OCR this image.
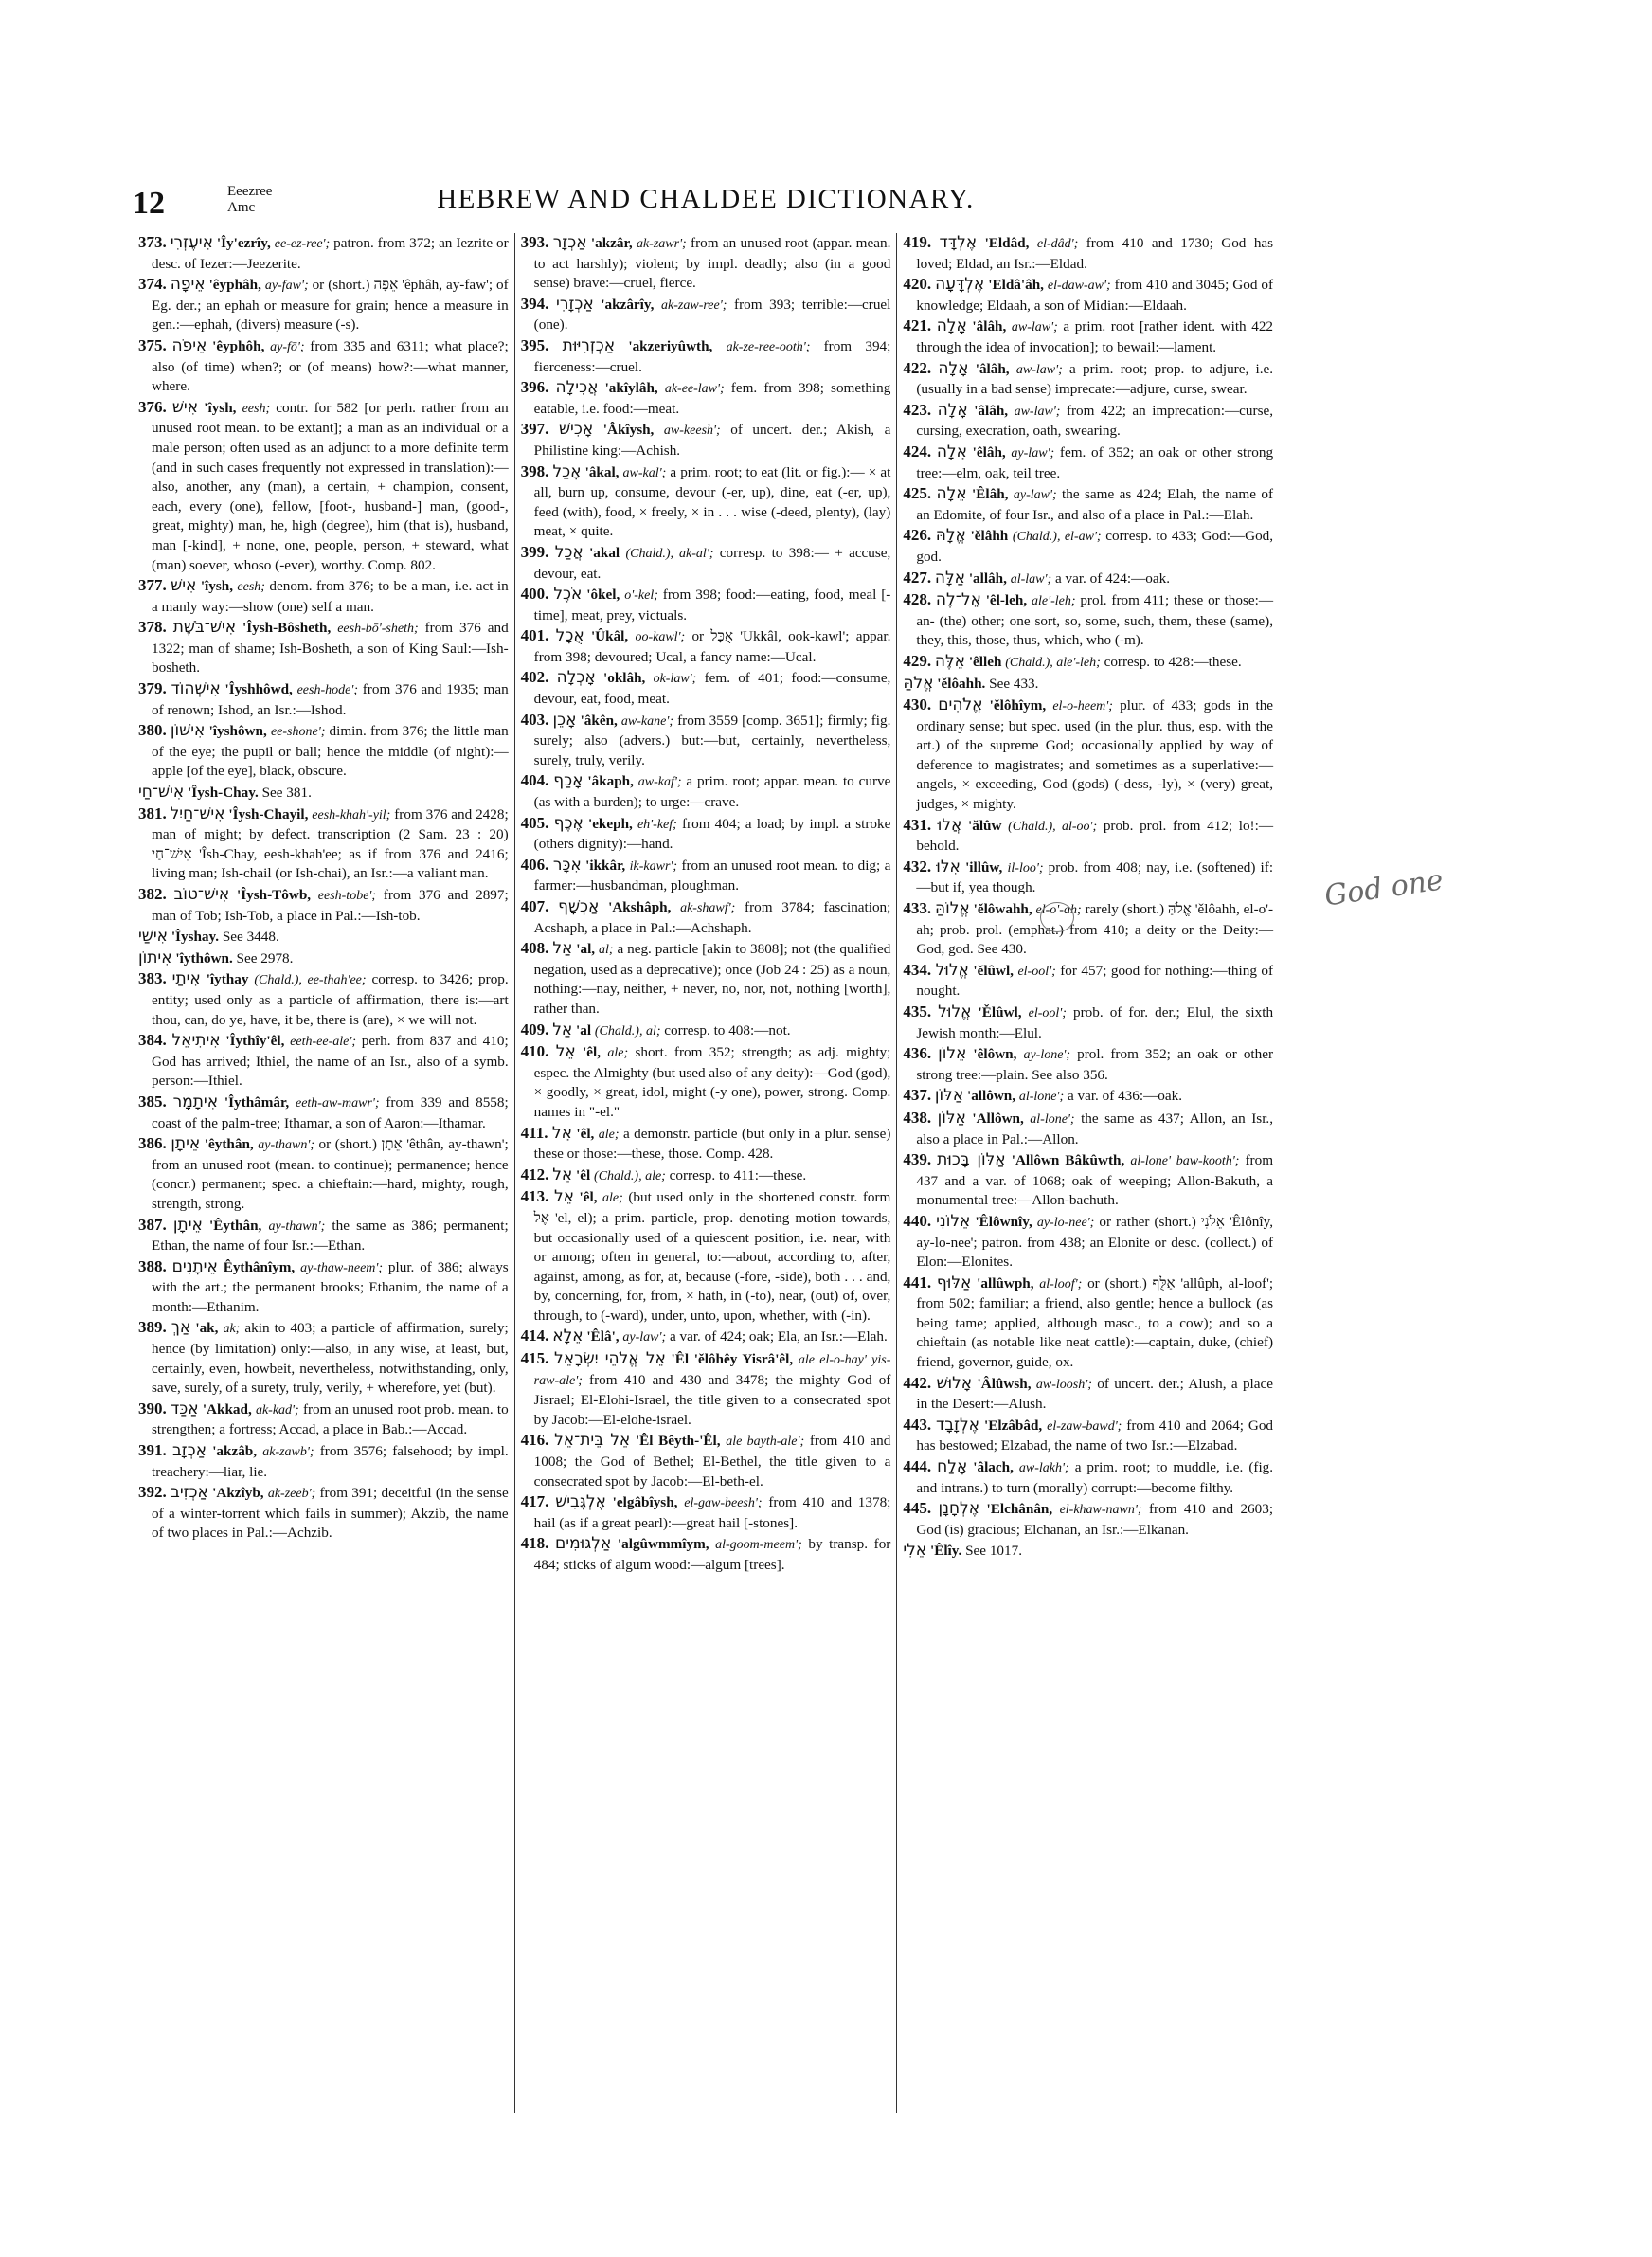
12	Eeezree
Amc	HEBREW AND CHALDEE DICTIONARY.

373. אִיעֶזְרִי 'Îy'ezrîy, ee-ez-ree'; patron. from 372; an Iezrite or desc. of Iezer:—Jeezerite.

374. אֵיפָה 'êyphâh, ay-faw'; or (short.) אֵפָה 'êphâh, ay-faw'; of Eg. der.; an ephah or measure for grain; hence a measure in gen.:—ephah, (divers) measure (-s).

375. אֵיפֹה 'êyphôh, ay-fō'; from 335 and 6311; what place?; also (of time) when?; or (of means) how?:—what manner, where.

376. אִישׁ 'îysh, eesh; contr. for 582 [or perh. rather from an unused root mean. to be extant]; a man as an individual or a male person; often used as an adjunct to a more definite term (and in such cases frequently not expressed in translation):—also, another, any (man), a certain, + champion, consent, each, every (one), fellow, [foot-, husband-] man, (good-, great, mighty) man, he, high (degree), him (that is), husband, man [-kind], + none, one, people, person, + steward, what (man) soever, whoso (-ever), worthy. Comp. 802.

377. אִישׁ 'îysh, eesh; denom. from 376; to be a man, i.e. act in a manly way:—show (one) self a man.

378. אִישׁ־בֹּשֶׁת 'Îysh-Bôsheth, eesh-bō'-sheth; from 376 and 1322; man of shame; Ish-Bosheth, a son of King Saul:—Ish-bosheth.

379. אִישְׁהוֹד 'Îyshhôwd, eesh-hode'; from 376 and 1935; man of renown; Ishod, an Isr.:—Ishod.

380. אִישׁוֹן 'îyshôwn, ee-shone'; dimin. from 376; the little man of the eye; the pupil or ball; hence the middle (of night):—apple [of the eye], black, obscure.

אִישׁ־חַי 'Îysh-Chay. See 381.

381. אִישׁ־חַיִל 'Îysh-Chayil, eesh-khah'-yil; from 376 and 2428; man of might; by defect. transcription (2 Sam. 23 : 20) אִישׁ־חַי 'Îsh-Chay, eesh-khah'ee; as if from 376 and 2416; living man; Ish-chail (or Ish-chai), an Isr.:—a valiant man.

382. אִישׁ־טוֹב 'Îysh-Tôwb, eesh-tobe'; from 376 and 2897; man of Tob; Ish-Tob, a place in Pal.:—Ish-tob.

אִישַׁי 'Îyshay. See 3448.

אִיתוֹן 'îythôwn. See 2978.

383. אִיתַי 'îythay (Chald.), ee-thah'ee; corresp. to 3426; prop. entity; used only as a particle of affirmation, there is:—art thou, can, do ye, have, it be, there is (are), × we will not.

384. אִיתִיאֵל 'Îythîy'êl, eeth-ee-ale'; perh. from 837 and 410; God has arrived; Ithiel, the name of an Isr., also of a symb. person:—Ithiel.

385. אִיתָמָר 'Îythâmâr, eeth-aw-mawr'; from 339 and 8558; coast of the palm-tree; Ithamar, a son of Aaron:—Ithamar.

386. אֵיתָן 'êythân, ay-thawn'; or (short.) אֵתָן 'êthân, ay-thawn'; from an unused root (mean. to continue); permanence; hence (concr.) permanent; spec. a chieftain:—hard, mighty, rough, strength, strong.

387. אֵיתָן 'Êythân, ay-thawn'; the same as 386; permanent; Ethan, the name of four Isr.:—Ethan.

388. אֵיתָנִים Êythânîym, ay-thaw-neem'; plur. of 386; always with the art.; the permanent brooks; Ethanim, the name of a month:—Ethanim.

389. אַךְ 'ak, ak; akin to 403; a particle of affirmation, surely; hence (by limitation) only:—also, in any wise, at least, but, certainly, even, howbeit, nevertheless, notwithstanding, only, save, surely, of a surety, truly, verily, + wherefore, yet (but).

390. אַכַּד 'Akkad, ak-kad'; from an unused root prob. mean. to strengthen; a fortress; Accad, a place in Bab.:—Accad.

391. אַכְזָב 'akzâb, ak-zawb'; from 3576; falsehood; by impl. treachery:—liar, lie.

392. אַכְזִיב 'Akzîyb, ak-zeeb'; from 391; deceitful (in the sense of a winter-torrent which fails in summer); Akzib, the name of two places in Pal.:—Achzib.

393. אַכְזָר 'akzâr, ak-zawr'; from an unused root (appar. mean. to act harshly); violent; by impl. deadly; also (in a good sense) brave:—cruel, fierce.

394. אַכְזָרִי 'akzârîy, ak-zaw-ree'; from 393; terrible:—cruel (one).

395. אַכְזְרִיּוּת 'akzeriyûwth, ak-ze-ree-ooth'; from 394; fierceness:—cruel.

396. אֲכִילָה 'akîylâh, ak-ee-law'; fem. from 398; something eatable, i.e. food:—meat.

397. אָכִישׁ 'Âkîysh, aw-keesh'; of uncert. der.; Akish, a Philistine king:—Achish.

398. אָכַל 'âkal, aw-kal'; a prim. root; to eat (lit. or fig.):— × at all, burn up, consume, devour (-er, up), dine, eat (-er, up), feed (with), food, × freely, × in . . . wise (-deed, plenty), (lay) meat, × quite.

399. אֲכַל 'akal (Chald.), ak-al'; corresp. to 398:— + accuse, devour, eat.

400. אֹכֶל 'ôkel, o'-kel; from 398; food:—eating, food, meal [-time], meat, prey, victuals.

401. אֻכָל 'Ûkâl, oo-kawl'; or אֻכָּל 'Ukkâl, ook-kawl'; appar. from 398; devoured; Ucal, a fancy name:—Ucal.

402. אָכְלָה 'oklâh, ok-law'; fem. of 401; food:—consume, devour, eat, food, meat.

403. אָכֵן 'âkên, aw-kane'; from 3559 [comp. 3651]; firmly; fig. surely; also (advers.) but:—but, certainly, nevertheless, surely, truly, verily.

404. אָכַף 'âkaph, aw-kaf'; a prim. root; appar. mean. to curve (as with a burden); to urge:—crave.

405. אֶכֶף 'ekeph, eh'-kef; from 404; a load; by impl. a stroke (others dignity):—hand.

406. אִכָּר 'ikkâr, ik-kawr'; from an unused root mean. to dig; a farmer:—husbandman, ploughman.

407. אַכְשָׁף 'Akshâph, ak-shawf'; from 3784; fascination; Acshaph, a place in Pal.:—Achshaph.

408. אַל 'al, al; a neg. particle [akin to 3808]; not (the qualified negation, used as a deprecative); once (Job 24 : 25) as a noun, nothing:—nay, neither, + never, no, nor, not, nothing [worth], rather than.

409. אַל 'al (Chald.), al; corresp. to 408:—not.

410. אֵל 'êl, ale; short. from 352; strength; as adj. mighty; espec. the Almighty (but used also of any deity):—God (god), × goodly, × great, idol, might (-y one), power, strong. Comp. names in "-el."

411. אֵל 'êl, ale; a demonstr. particle (but only in a plur. sense) these or those:—these, those. Comp. 428.

412. אֵל 'êl (Chald.), ale; corresp. to 411:—these.

413. אֵל 'êl, ale; (but used only in the shortened constr. form אֶל 'el, el); a prim. particle, prop. denoting motion towards, but occasionally used of a quiescent position, i.e. near, with or among; often in general, to:—about, according to, after, against, among, as for, at, because (-fore, -side), both . . . and, by, concerning, for, from, × hath, in (-to), near, (out) of, over, through, to (-ward), under, unto, upon, whether, with (-in).

414. אֵלָא 'Êlâ', ay-law'; a var. of 424; oak; Ela, an Isr.:—Elah.

415. אֵל אֱלֹהֵי יִשְׂרָאֵל 'Êl 'ělôhêy Yisrâ'êl, ale el-o-hay' yis-raw-ale'; from 410 and 430 and 3478; the mighty God of Jisrael; El-Elohi-Israel, the title given to a consecrated spot by Jacob:—El-elohe-israel.

416. אֵל בֵּית־אֵל 'Êl Bêyth-'Êl, ale bayth-ale'; from 410 and 1008; the God of Bethel; El-Bethel, the title given to a consecrated spot by Jacob:—El-beth-el.

417. אֶלְגָּבִישׁ 'elgâbîysh, el-gaw-beesh'; from 410 and 1378; hail (as if a great pearl):—great hail [-stones].

418. אַלְגּוּמִּים 'algûwmmîym, al-goom-meem'; by transp. for 484; sticks of algum wood:—algum [trees].

419. אֶלְדָּד 'Eldâd, el-dâd'; from 410 and 1730; God has loved; Eldad, an Isr.:—Eldad.

420. אֶלְדָּעָה 'Eldâ'âh, el-daw-aw'; from 410 and 3045; God of knowledge; Eldaah, a son of Midian:—Eldaah.

421. אָלָה 'âlâh, aw-law'; a prim. root [rather ident. with 422 through the idea of invocation]; to bewail:—lament.

422. אָלָה 'âlâh, aw-law'; a prim. root; prop. to adjure, i.e. (usually in a bad sense) imprecate:—adjure, curse, swear.

423. אָלָה 'âlâh, aw-law'; from 422; an imprecation:—curse, cursing, execration, oath, swearing.

424. אֵלָה 'êlâh, ay-law'; fem. of 352; an oak or other strong tree:—elm, oak, teil tree.

425. אֵלָה 'Êlâh, ay-law'; the same as 424; Elah, the name of an Edomite, of four Isr., and also of a place in Pal.:—Elah.

426. אֱלָהּ 'ělâhh (Chald.), el-aw'; corresp. to 433; God:—God, god.

427. אַלָּה 'allâh, al-law'; a var. of 424:—oak.

428. אֵל־לֶה 'êl-leh, ale'-leh; prol. from 411; these or those:—an- (the) other; one sort, so, some, such, them, these (same), they, this, those, thus, which, who (-m).

429. אֵלֶּה 'êlleh (Chald.), ale'-leh; corresp. to 428:—these.

אֱלֹהַּ 'ělôahh. See 433.

430. אֱלֹהִים 'ělôhîym, el-o-heem'; plur. of 433; gods in the ordinary sense; but spec. used (in the plur. thus, esp. with the art.) of the supreme God; occasionally applied by way of deference to magistrates; and sometimes as a superlative:—angels, × exceeding, God (gods) (-dess, -ly), × (very) great, judges, × mighty.

431. אֲלוּ 'ălûw (Chald.), al-oo'; prob. prol. from 412; lo!:—behold.

432. אִלּוּ 'illûw, il-loo'; prob. from 408; nay, i.e. (softened) if:—but if, yea though.

433. אֱלוֹהַּ 'ělôwahh, el-o'-ah; rarely (short.) אֱלֹהַּ 'ělôahh, el-o'-ah; prob. prol. (emphat.) from 410; a deity or the Deity:—God, god. See 430.

434. אֱלוּל 'ělûwl, el-ool'; for 457; good for nothing:—thing of nought.

435. אֱלוּל 'Ělûwl, el-ool'; prob. of for. der.; Elul, the sixth Jewish month:—Elul.

436. אֵלוֹן 'êlôwn, ay-lone'; prol. from 352; an oak or other strong tree:—plain. See also 356.

437. אַלּוֹן 'allôwn, al-lone'; a var. of 436:—oak.

438. אַלּוֹן 'Allôwn, al-lone'; the same as 437; Allon, an Isr., also a place in Pal.:—Allon.

439. אַלּוֹן בָּכוּת 'Allôwn Bâkûwth, al-lone' baw-kooth'; from 437 and a var. of 1068; oak of weeping; Allon-Bakuth, a monumental tree:—Allon-bachuth.

440. אֵלוֹנִי 'Êlôwnîy, ay-lo-nee'; or rather (short.) אֵלֹנִי 'Êlônîy, ay-lo-nee'; patron. from 438; an Elonite or desc. (collect.) of Elon:—Elonites.

441. אַלּוּף 'allûwph, al-loof'; or (short.) אַלֻּף 'allûph, al-loof'; from 502; familiar; a friend, also gentle; hence a bullock (as being tame; applied, although masc., to a cow); and so a chieftain (as notable like neat cattle):—captain, duke, (chief) friend, governor, guide, ox.

442. אָלוּשׁ 'Âlûwsh, aw-loosh'; of uncert. der.; Alush, a place in the Desert:—Alush.

443. אֶלְזָבָד 'Elzâbâd, el-zaw-bawd'; from 410 and 2064; God has bestowed; Elzabad, the name of two Isr.:—Elzabad.

444. אָלַח 'âlach, aw-lakh'; a prim. root; to muddle, i.e. (fig. and intrans.) to turn (morally) corrupt:—become filthy.

445. אֶלְחָנָן 'Elchânân, el-khaw-nawn'; from 410 and 2603; God (is) gracious; Elchanan, an Isr.:—Elkanan.

אֵלִי 'Êlîy. See 1017.

God one
